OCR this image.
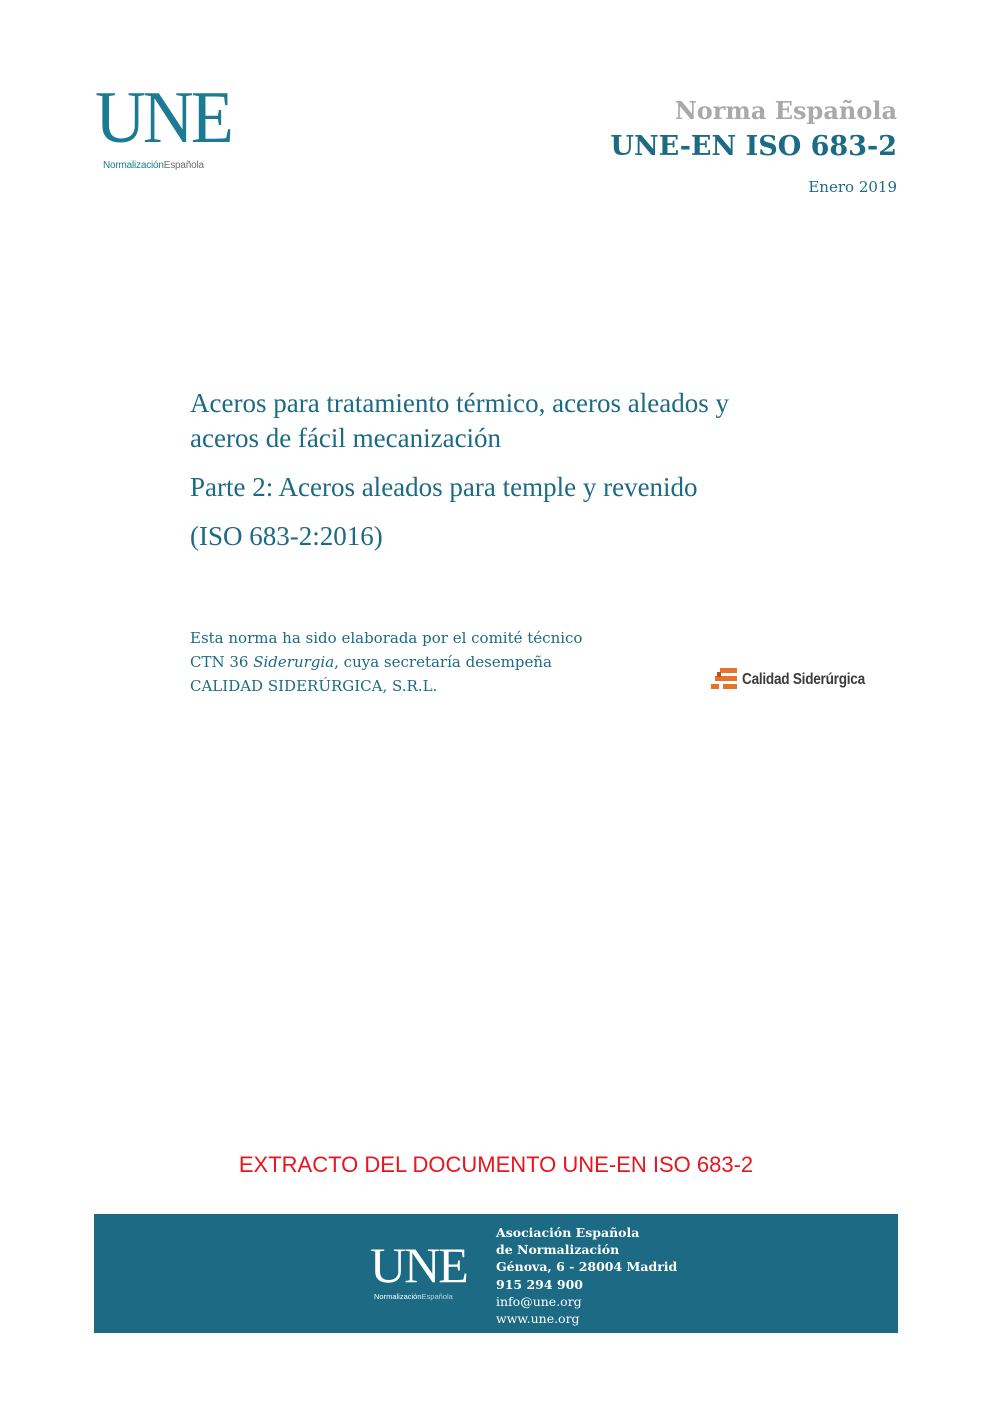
UNE
NormalizaciónEspañola
Norma Española
UNE-EN ISO 683-2
Enero 2019
Aceros para tratamiento térmico, aceros aleados y
aceros de fácil mecanización
Parte 2: Aceros aleados para temple y revenido
(ISO 683-2:2016)
Esta norma ha sido elaborada por el comité técnico
CTN 36 Siderurgia, cuya secretaría desempeña
CALIDAD SIDERÚRGICA, S.R.L.	Calidad Siderúrgica
EXTRACTO DEL DOCUMENTO UNE-EN ISO 683-2
UNE
NormalizaciónEspañola
Asociación Española
de Normalización
Génova, 6 - 28004 Madrid
915 294 900
info@une.org
www.une.org
